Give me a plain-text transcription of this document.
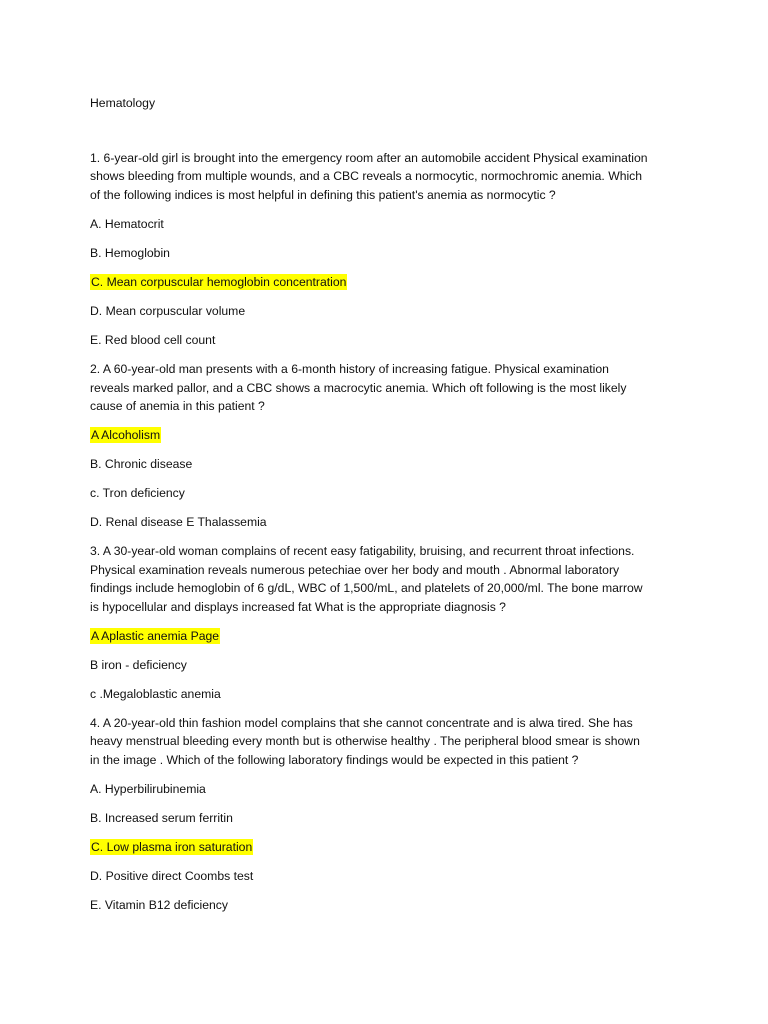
Hematology

1. 6-year-old girl is brought into the emergency room after an automobile accident Physical examination

shows bleeding from multiple wounds, and a CBC reveals a normocytic, normochromic anemia. Which

of the following indices is most helpful in defining this patient's anemia as normocytic ?

A. Hematocrit
B. Hemoglobin
C. Mean corpuscular hemoglobin concentration
D. Mean corpuscular volume
E. Red blood cell count

2. A 60-year-old man presents with a 6-month history of increasing fatigue. Physical examination

reveals marked pallor, and a CBC shows a macrocytic anemia. Which oft following is the most likely

cause of anemia in this patient ?

A Alcoholism
B. Chronic disease
c. Tron deficiency
D. Renal disease E Thalassemia

3. A 30-year-old woman complains of recent easy fatigability, bruising, and recurrent throat infections.

Physical examination reveals numerous petechiae over her body and mouth . Abnormal laboratory

findings include hemoglobin of 6 g/dL, WBC of 1,500/mL, and platelets of 20,000/ml. The bone marrow

is hypocellular and displays increased fat What is the appropriate diagnosis ?

A Aplastic anemia Page
B iron - deficiency
c .Megaloblastic anemia

4. A 20-year-old thin fashion model complains that she cannot concentrate and is alwa tired. She has

heavy menstrual bleeding every month but is otherwise healthy . The peripheral blood smear is shown

in the image . Which of the following laboratory findings would be expected in this patient ?

A. Hyperbilirubinemia
B. Increased serum ferritin
C. Low plasma iron saturation
D. Positive direct Coombs test
E. Vitamin B12 deficiency
